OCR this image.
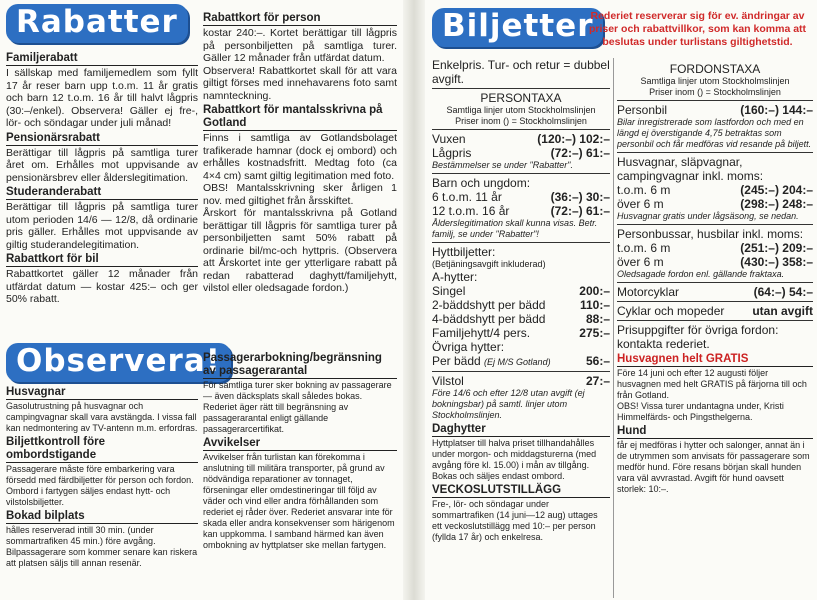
Rabatter
Familjerabatt

I sällskap med familjemedlem som fyllt 17 år reser barn upp t.o.m. 11 år gratis och barn 12 t.o.m. 16 år till halvt lågpris (30:–/enkel). Observera! Gäller ej fre-, lör- och söndagar under juli månad!

Pensionärsrabatt

Berättigar till lågpris på samtliga turer året om. Erhålles mot uppvisande av pensionärsbrev eller ålderslegitimation.

Studeranderabatt

Berättigar till lågpris på samtliga turer utom perioden 14/6 — 12/8, då ordinarie pris gäller. Erhålles mot uppvisande av giltig studerandelegitimation.

Rabattkort för bil

Rabattkortet gäller 12 månader från utfärdat datum — kostar 425:– och ger 50% rabatt.

Observera!
Husvagnar

Gasolutrustning på husvagnar och campingvagnar skall vara avstängda. I vissa fall kan nedmontering av TV-antenn m.m. erfordras.

Biljettkontroll före ombordstigande

Passagerare måste före embarkering vara försedd med färdbiljetter för person och fordon. Ombord i fartygen säljes endast hytt- och vilstolsbiljetter.

Bokad bilplats

hålles reserverad intill 30 min. (under sommartrafiken 45 min.) före avgång. Bilpassagerare som kommer senare kan riskera att platsen säljs till annan resenär.

Rabattkort för person

kostar 240:–. Kortet berättigar till lågpris på personbiljetten på samtliga turer. Gäller 12 månader från utfärdat datum.

Observera! Rabattkortet skall för att vara giltigt förses med innehavarens foto samt namnteckning.

Rabattkort för mantalsskrivna på Gotland

Finns i samtliga av Gotlandsbolaget trafikerade hamnar (dock ej ombord) och erhålles kostnadsfritt. Medtag foto (ca 4×4 cm) samt giltig legitimation med foto.

OBS! Mantalsskrivning sker årligen 1 nov. med giltighet från årsskiftet.

Årskort för mantalsskrivna på Gotland berättigar till lågpris för samtliga turer på personbiljetten samt 50% rabatt på ordinarie bil/mc-och hyttpris. (Observera att Årskortet inte ger ytterligare rabatt på redan rabatterad daghytt/familjehytt, vilstol eller oledsagade fordon.)

Passagerarbokning/begränsning av passagerarantal

För samtliga turer sker bokning av passagerare — även däcksplats skall således bokas. Rederiet äger rätt till begränsning av passagerarantal enligt gällande passagerarcertifikat.

Avvikelser

Avvikelser från turlistan kan förekomma i anslutning till militära transporter, på grund av nödvändiga reparationer av tonnaget, förseningar eller omdestineringar till följd av väder och vind eller andra förhållanden som rederiet ej råder över. Rederiet ansvarar inte för skada eller andra konsekvenser som härigenom kan uppkomma. I samband härmed kan även ombokning av hyttplatser ske mellan fartygen.

Biljetter
Rederiet reserverar sig för ev. ändringar av priser och rabattvillkor, som kan komma att beslutas under turlistans giltighetstid.

Enkelpris. Tur- och retur = dubbel avgift.

PERSONTAXA
Samtliga linjer utom Stockholmslinjen
Priser inom () = Stockholmslinjen
Vuxen	(120:–) 102:–
Lågpris	(72:–) 61:–

Bestämmelser se under "Rabatter".

Barn och ungdom:

6 t.o.m. 11 år	(36:–) 30:–
12 t.o.m. 16 år	(72:–) 61:–

Ålderslegitimation skall kunna visas. Betr. familj, se under "Rabatter"!

Hyttbiljetter:

(Betjäningsavgift inkluderad)

A-hytter:

Singel	200:–
2-bäddshytt per bädd	110:–
4-bäddshytt per bädd	88:–
Familjehytt/4 pers.	275:–

Övriga hytter:

Per bädd (Ej M/S Gotland)	56:–
Vilstol	27:–

Före 14/6 och efter 12/8 utan avgift (ej bokningsbar) på samtl. linjer utom Stockholmslinjen.

Daghytter

Hyttplatser till halva priset tillhandahålles under morgon- och middagsturerna (med avgång före kl. 15.00) i mån av tillgång. Bokas och säljes endast ombord.

VECKOSLUTSTILLÄGG

Fre-, lör- och söndagar under sommartrafiken (14 juni—12 aug) uttages ett veckoslutstillägg med 10:– per person (fyllda 17 år) och enkelresa.

FORDONSTAXA
Samtliga linjer utom Stockholmslinjen
Priser inom () = Stockholmslinjen
Personbil	(160:–) 144:–

Bilar inregistrerade som lastfordon och med en längd ej överstigande 4,75 betraktas som personbil och får medföras vid resande på biljett.

Husvagnar, släpvagnar, campingvagnar inkl. moms:

t.o.m. 6 m	(245:–) 204:–
över 6 m	(298:–) 248:–

Husvagnar gratis under lågsäsong, se nedan.

Personbussar, husbilar inkl. moms:

t.o.m. 6 m	(251:–) 209:–
över 6 m	(430:–) 358:–

Oledsagade fordon enl. gällande fraktaxa.

Motorcyklar	(64:–) 54:–
Cyklar och mopeder utan avgift

Prisuppgifter för övriga fordon: kontakta rederiet.

Husvagnen helt GRATIS

Före 14 juni och efter 12 augusti följer husvagnen med helt GRATIS på färjorna till och från Gotland.

OBS! Vissa turer undantagna under, Kristi Himmelfärds- och Pingsthelgerna.

Hund

får ej medföras i hytter och salonger, annat än i de utrymmen som anvisats för passagerare som medför hund. Före resans början skall hunden vara väl avvrastad. Avgift för hund oavsett storlek: 10:–.
